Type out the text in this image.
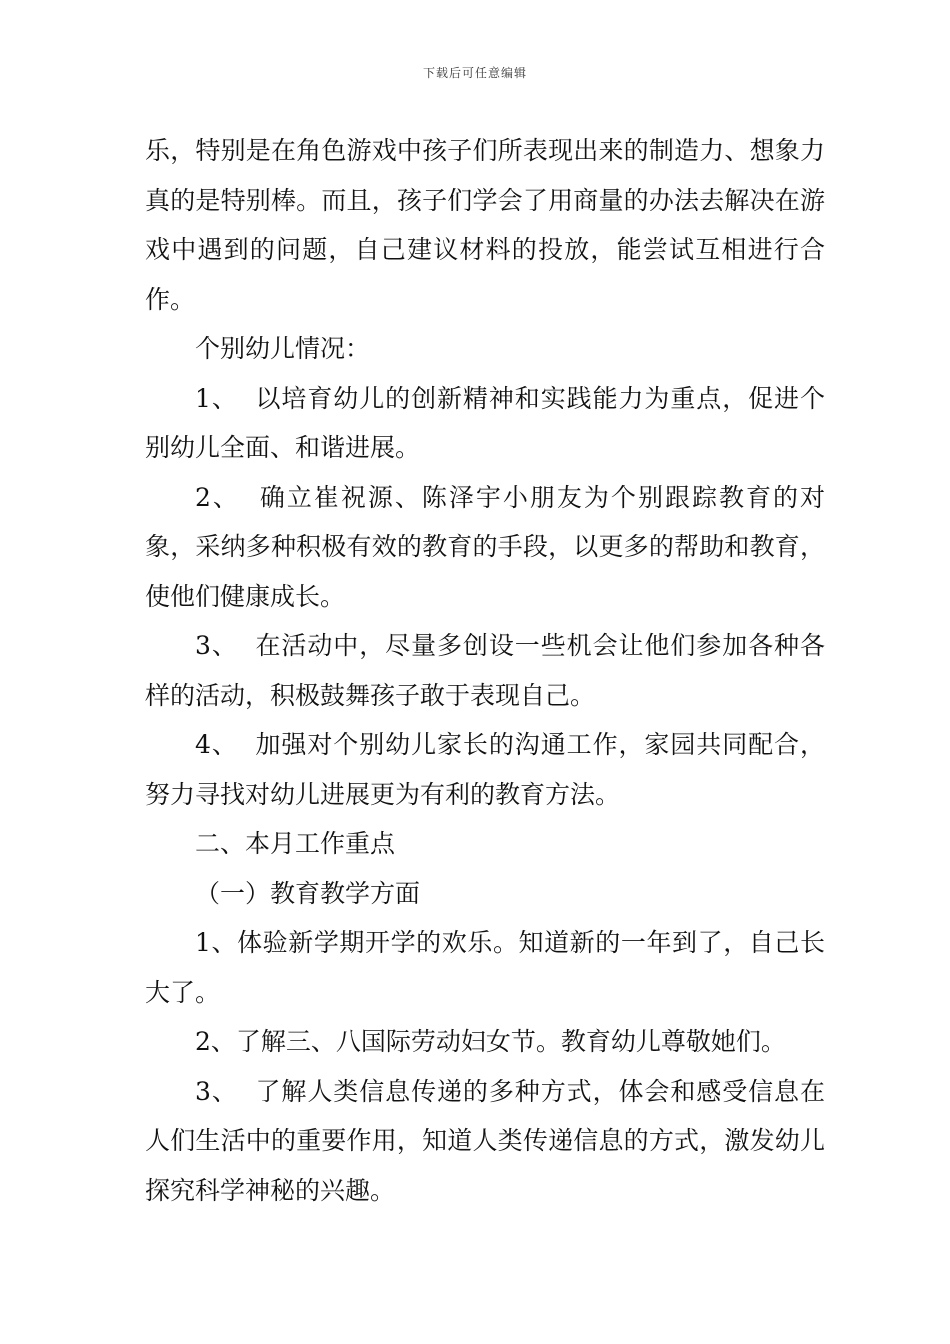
下载后可任意编辑

乐，特别是在角色游戏中孩子们所表现出来的制造力、想象力真的是特别棒。而且，孩子们学会了用商量的办法去解决在游戏中遇到的问题，自己建议材料的投放，能尝试互相进行合作。

个别幼儿情况：

1、  以培育幼儿的创新精神和实践能力为重点，促进个别幼儿全面、和谐进展。

2、  确立崔祝源、陈泽宇小朋友为个别跟踪教育的对象，采纳多种积极有效的教育的手段，以更多的帮助和教育，使他们健康成长。

3、  在活动中，尽量多创设一些机会让他们参加各种各样的活动，积极鼓舞孩子敢于表现自己。

4、  加强对个别幼儿家长的沟通工作，家园共同配合，努力寻找对幼儿进展更为有利的教育方法。

二、本月工作重点

（一）教育教学方面

1、体验新学期开学的欢乐。知道新的一年到了，自己长大了。

2、了解三、八国际劳动妇女节。教育幼儿尊敬她们。

3、  了解人类信息传递的多种方式，体会和感受信息在人们生活中的重要作用，知道人类传递信息的方式，激发幼儿探究科学神秘的兴趣。
